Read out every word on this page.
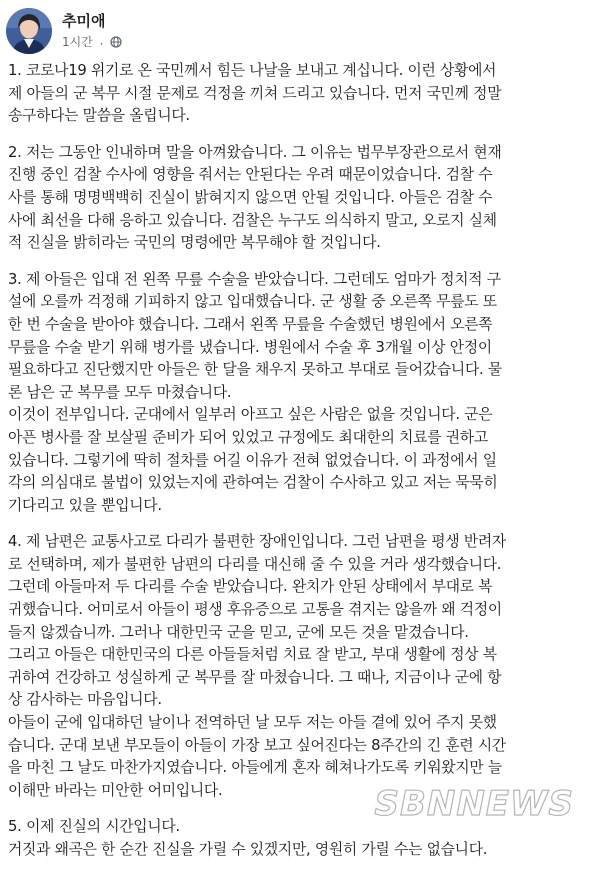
추미애
1시간 ·
1. 코로나19 위기로 온 국민께서 힘든 나날을 보내고 계십니다. 이런 상황에서
제 아들의 군 복무 시절 문제로 걱정을 끼쳐 드리고 있습니다. 먼저 국민께 정말
송구하다는 말씀을 올립니다.
2. 저는 그동안 인내하며 말을 아껴왔습니다. 그 이유는 법무부장관으로서 현재
진행 중인 검찰 수사에 영향을 줘서는 안된다는 우려 때문이었습니다. 검찰 수
사를 통해 명명백백히 진실이 밝혀지지 않으면 안될 것입니다. 아들은 검찰 수
사에 최선을 다해 응하고 있습니다. 검찰은 누구도 의식하지 말고, 오로지 실체
적 진실을 밝히라는 국민의 명령에만 복무해야 할 것입니다.
3. 제 아들은 입대 전 왼쪽 무릎 수술을 받았습니다. 그런데도 엄마가 정치적 구
설에 오를까 걱정해 기피하지 않고 입대했습니다. 군 생활 중 오른쪽 무릎도 또
한 번 수술을 받아야 했습니다. 그래서 왼쪽 무릎을 수술했던 병원에서 오른쪽
무릎을 수술 받기 위해 병가를 냈습니다. 병원에서 수술 후 3개월 이상 안정이
필요하다고 진단했지만 아들은 한 달을 채우지 못하고 부대로 들어갔습니다. 물
론 남은 군 복무를 모두 마쳤습니다.
이것이 전부입니다. 군대에서 일부러 아프고 싶은 사람은 없을 것입니다. 군은
아픈 병사를 잘 보살필 준비가 되어 있었고 규정에도 최대한의 치료를 권하고
있습니다. 그렇기에 딱히 절차를 어길 이유가 전혀 없었습니다. 이 과정에서 일
각의 의심대로 불법이 있었는지에 관하여는 검찰이 수사하고 있고 저는 묵묵히
기다리고 있을 뿐입니다.
4. 제 남편은 교통사고로 다리가 불편한 장애인입니다. 그런 남편을 평생 반려자
로 선택하며, 제가 불편한 남편의 다리를 대신해 줄 수 있을 거라 생각했습니다.
그런데 아들마저 두 다리를 수술 받았습니다. 완치가 안된 상태에서 부대로 복
귀했습니다. 어미로서 아들이 평생 후유증으로 고통을 겪지는 않을까 왜 걱정이
들지 않겠습니까. 그러나 대한민국 군을 믿고, 군에 모든 것을 맡겼습니다.
그리고 아들은 대한민국의 다른 아들들처럼 치료 잘 받고, 부대 생활에 정상 복
귀하여 건강하고 성실하게 군 복무를 잘 마쳤습니다. 그 때나, 지금이나 군에 항
상 감사하는 마음입니다.
아들이 군에 입대하던 날이나 전역하던 날 모두 저는 아들 곁에 있어 주지 못했
습니다. 군대 보낸 부모들이 아들이 가장 보고 싶어진다는 8주간의 긴 훈련 시간
을 마친 그 날도 마찬가지였습니다. 아들에게 혼자 헤쳐나가도록 키워왔지만 늘
이해만 바라는 미안한 어미입니다.
5. 이제 진실의 시간입니다.
거짓과 왜곡은 한 순간 진실을 가릴 수 있겠지만, 영원히 가릴 수는 없습니다.
SBNNEWS
